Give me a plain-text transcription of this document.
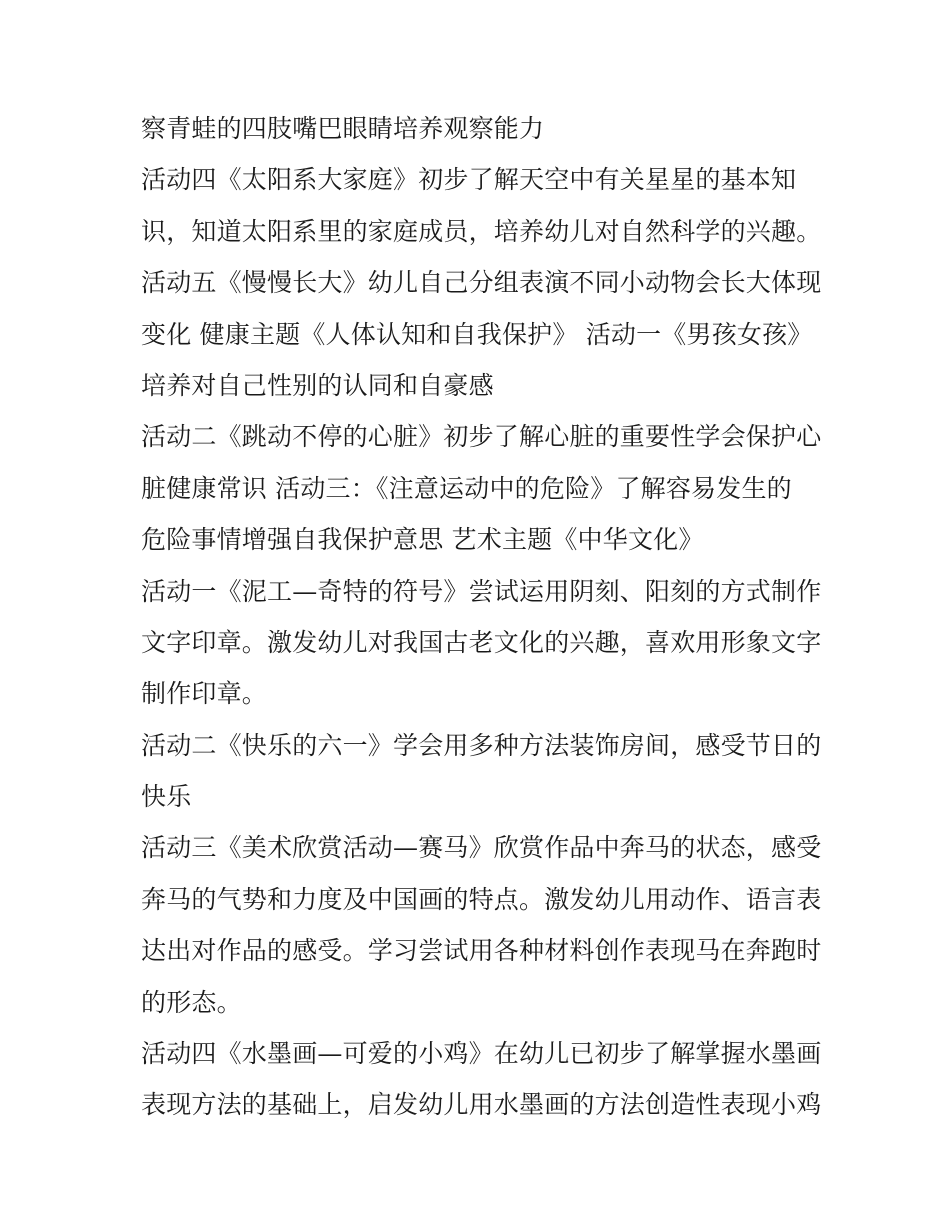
察青蛙的四肢嘴巴眼睛培养观察能力
活动四《太阳系大家庭》初步了解天空中有关星星的基本知
识，知道太阳系里的家庭成员，培养幼儿对自然科学的兴趣。
活动五《慢慢长大》幼儿自己分组表演不同小动物会长大体现
变化 健康主题《人体认知和自我保护》 活动一《男孩女孩》
培养对自己性别的认同和自豪感
活动二《跳动不停的心脏》初步了解心脏的重要性学会保护心
脏健康常识 活动三：《注意运动中的危险》了解容易发生的
危险事情增强自我保护意思 艺术主题《中华文化》
活动一《泥工—奇特的符号》尝试运用阴刻、阳刻的方式制作
文字印章。激发幼儿对我国古老文化的兴趣，喜欢用形象文字
制作印章。
活动二《快乐的六一》学会用多种方法装饰房间，感受节日的
快乐
活动三《美术欣赏活动—赛马》欣赏作品中奔马的状态，感受
奔马的气势和力度及中国画的特点。激发幼儿用动作、语言表
达出对作品的感受。学习尝试用各种材料创作表现马在奔跑时
的形态。
活动四《水墨画—可爱的小鸡》在幼儿已初步了解掌握水墨画
表现方法的基础上，启发幼儿用水墨画的方法创造性表现小鸡
